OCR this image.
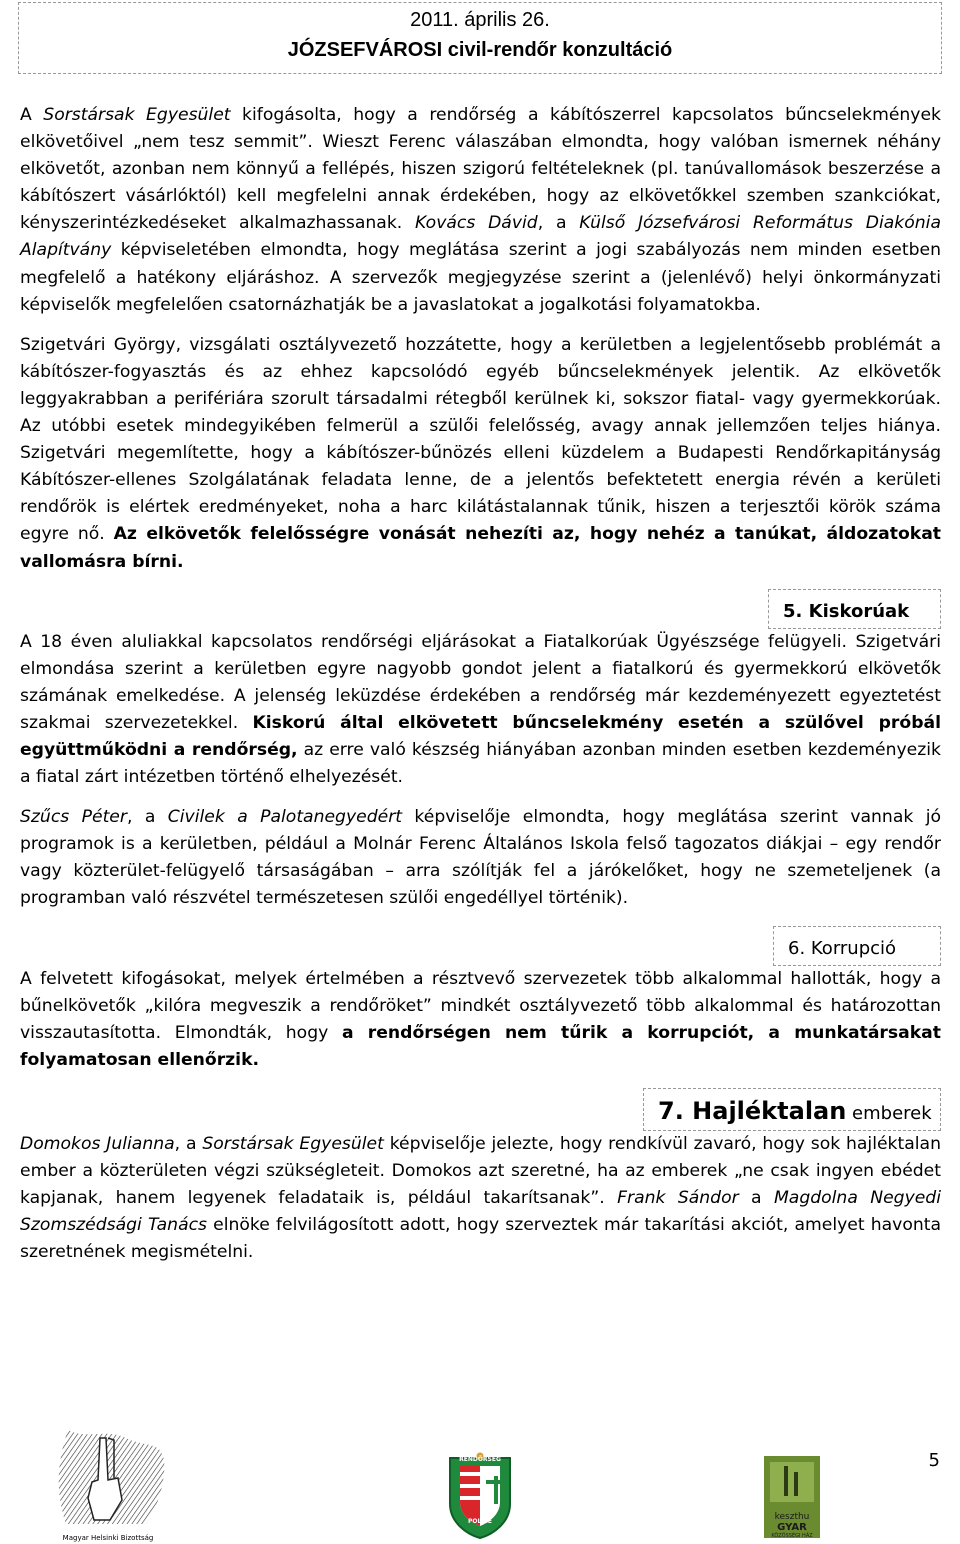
2011. április 26.
JÓZSEFVÁROSI civil-rendőr konzultáció

A Sorstársak Egyesület kifogásolta, hogy a rendőrség a kábítószerrel kapcsolatos bűncselekmények elkövetőivel „nem tesz semmit”. Wieszt Ferenc válaszában elmondta, hogy valóban ismernek néhány elkövetőt, azonban nem könnyű a fellépés, hiszen szigorú feltételeknek (pl. tanúvallomások beszerzése a kábítószert vásárlóktól) kell megfelelni annak érdekében, hogy az elkövetőkkel szemben szankciókat, kényszerintézkedéseket alkalmazhassanak. Kovács Dávid, a Külső Józsefvárosi Református Diakónia Alapítvány képviseletében elmondta, hogy meglátása szerint a jogi szabályozás nem minden esetben megfelelő a hatékony eljáráshoz. A szervezők megjegyzése szerint a (jelenlévő) helyi önkormányzati képviselők megfelelően csatornázhatják be a javaslatokat a jogalkotási folyamatokba.

Szigetvári György, vizsgálati osztályvezető hozzátette, hogy a kerületben a legjelentősebb problémát a kábítószer-fogyasztás és az ehhez kapcsolódó egyéb bűncselekmények jelentik. Az elkövetők leggyakrabban a perifériára szorult társadalmi rétegből kerülnek ki, sokszor fiatal- vagy gyermekkorúak. Az utóbbi esetek mindegyikében felmerül a szülői felelősség, avagy annak jellemzően teljes hiánya. Szigetvári megemlítette, hogy a kábítószer-bűnözés elleni küzdelem a Budapesti Rendőrkapitányság Kábítószer-ellenes Szolgálatának feladata lenne, de a jelentős befektetett energia révén a kerületi rendőrök is elértek eredményeket, noha a harc kilátástalannak tűnik, hiszen a terjesztői körök száma egyre nő. Az elkövetők felelősségre vonását nehezíti az, hogy nehéz a tanúkat, áldozatokat vallomásra bírni.

5. Kiskorúak

A 18 éven aluliakkal kapcsolatos rendőrségi eljárásokat a Fiatalkorúak Ügyészsége felügyeli. Szigetvári elmondása szerint a kerületben egyre nagyobb gondot jelent a fiatalkorú és gyermekkorú elkövetők számának emelkedése. A jelenség leküzdése érdekében a rendőrség már kezdeményezett egyeztetést szakmai szervezetekkel. Kiskorú által elkövetett bűncselekmény esetén a szülővel próbál együttműködni a rendőrség, az erre való készség hiányában azonban minden esetben kezdeményezik a fiatal zárt intézetben történő elhelyezését.

Szűcs Péter, a Civilek a Palotanegyedért képviselője elmondta, hogy meglátása szerint vannak jó programok is a kerületben, például a Molnár Ferenc Általános Iskola felső tagozatos diákjai – egy rendőr vagy közterület-felügyelő társaságában – arra szólítják fel a járókelőket, hogy ne szemeteljenek (a programban való részvétel természetesen szülői engedéllyel történik).

6. Korrupció

A felvetett kifogásokat, melyek értelmében a résztvevő szervezetek több alkalommal hallották, hogy a bűnelkövetők „kilóra megveszik a rendőröket” mindkét osztályvezető több alkalommal és határozottan visszautasította. Elmondták, hogy a rendőrségen nem tűrik a korrupciót, a munkatársakat folyamatosan ellenőrzik.

7. Hajléktalan emberek

Domokos Julianna, a Sorstársak Egyesület képviselője jelezte, hogy rendkívül zavaró, hogy sok hajléktalan ember a közterületen végzi szükségleteit. Domokos azt szeretné, ha az emberek „ne csak ingyen ebédet kapjanak, hanem legyenek feladataik is, például takarítsanak”. Frank Sándor a Magdolna Negyedi Szomszédsági Tanács elnöke felvilágosított adott, hogy szerveztek már takarítási akciót, amelyet havonta szeretnének megismételni.

5
Magyar Helsinki Bizottság
RENDŐRSÉG
POLICE	keszthu
GYAR
KÖZÖSSÉGI HÁZ
